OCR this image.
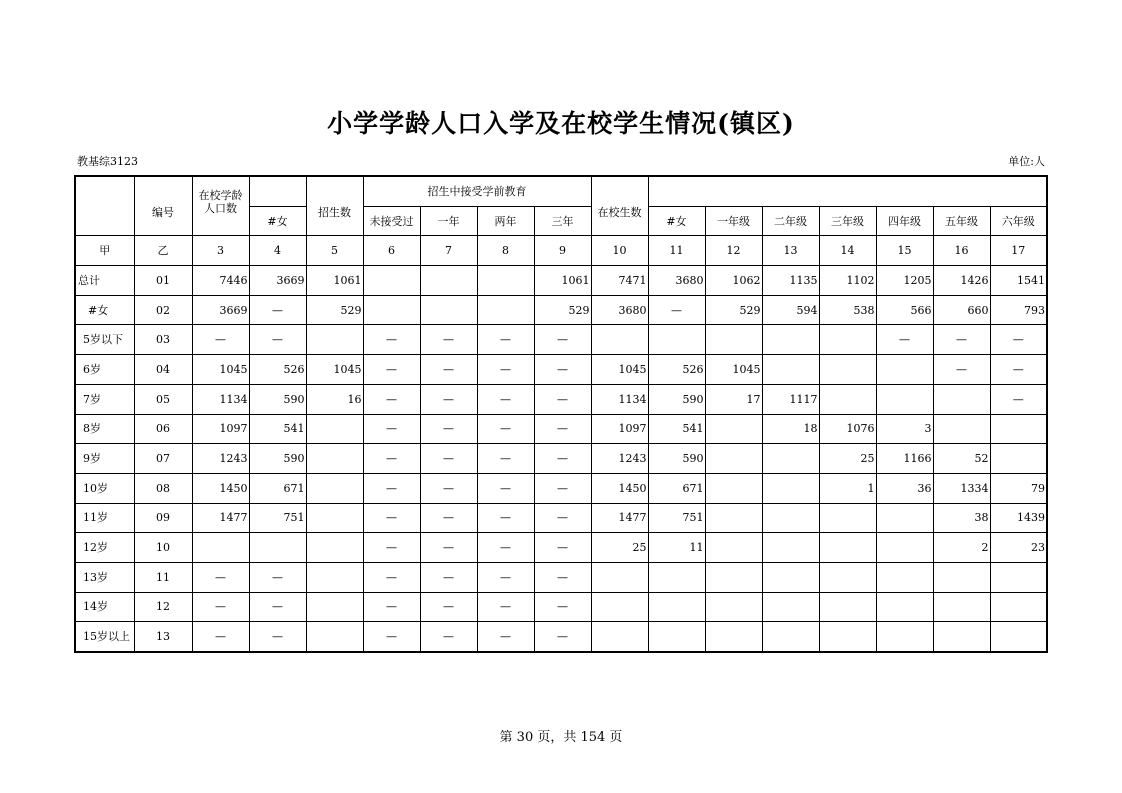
小学学龄人口入学及在校学生情况(镇区)
教基综3123	单位:人
		在校学龄
人口数			招生中接受学前教育											
	编号		#女	招生数	未接受过	一年	两年	三年	在校生数	#女	一年级	二年级	三年级	四年级	五年级	六年级
甲	乙	3	4	5	6	7	8	9	10	11	12	13	14	15	16	17
总计	01	7446	3669	1061				1061	7471	3680	1062	1135	1102	1205	1426	1541
#女	02	3669	—	529				529	3680	—	529	594	538	566	660	793
5岁以下	03	—	—		—	—	—	—						—	—	—
6岁	04	1045	526	1045	—	—	—	—	1045	526	1045				—	—
7岁	05	1134	590	16	—	—	—	—	1134	590	17	1117				—
8岁	06	1097	541		—	—	—	—	1097	541		18	1076	3		
9岁	07	1243	590		—	—	—	—	1243	590			25	1166	52	
10岁	08	1450	671		—	—	—	—	1450	671			1	36	1334	79
11岁	09	1477	751		—	—	—	—	1477	751					38	1439
12岁	10				—	—	—	—	25	11					2	23
13岁	11	—	—		—	—	—	—								
14岁	12	—	—		—	—	—	—								
15岁以上	13	—	—		—	—	—	—								
第 30 页，共 154 页
